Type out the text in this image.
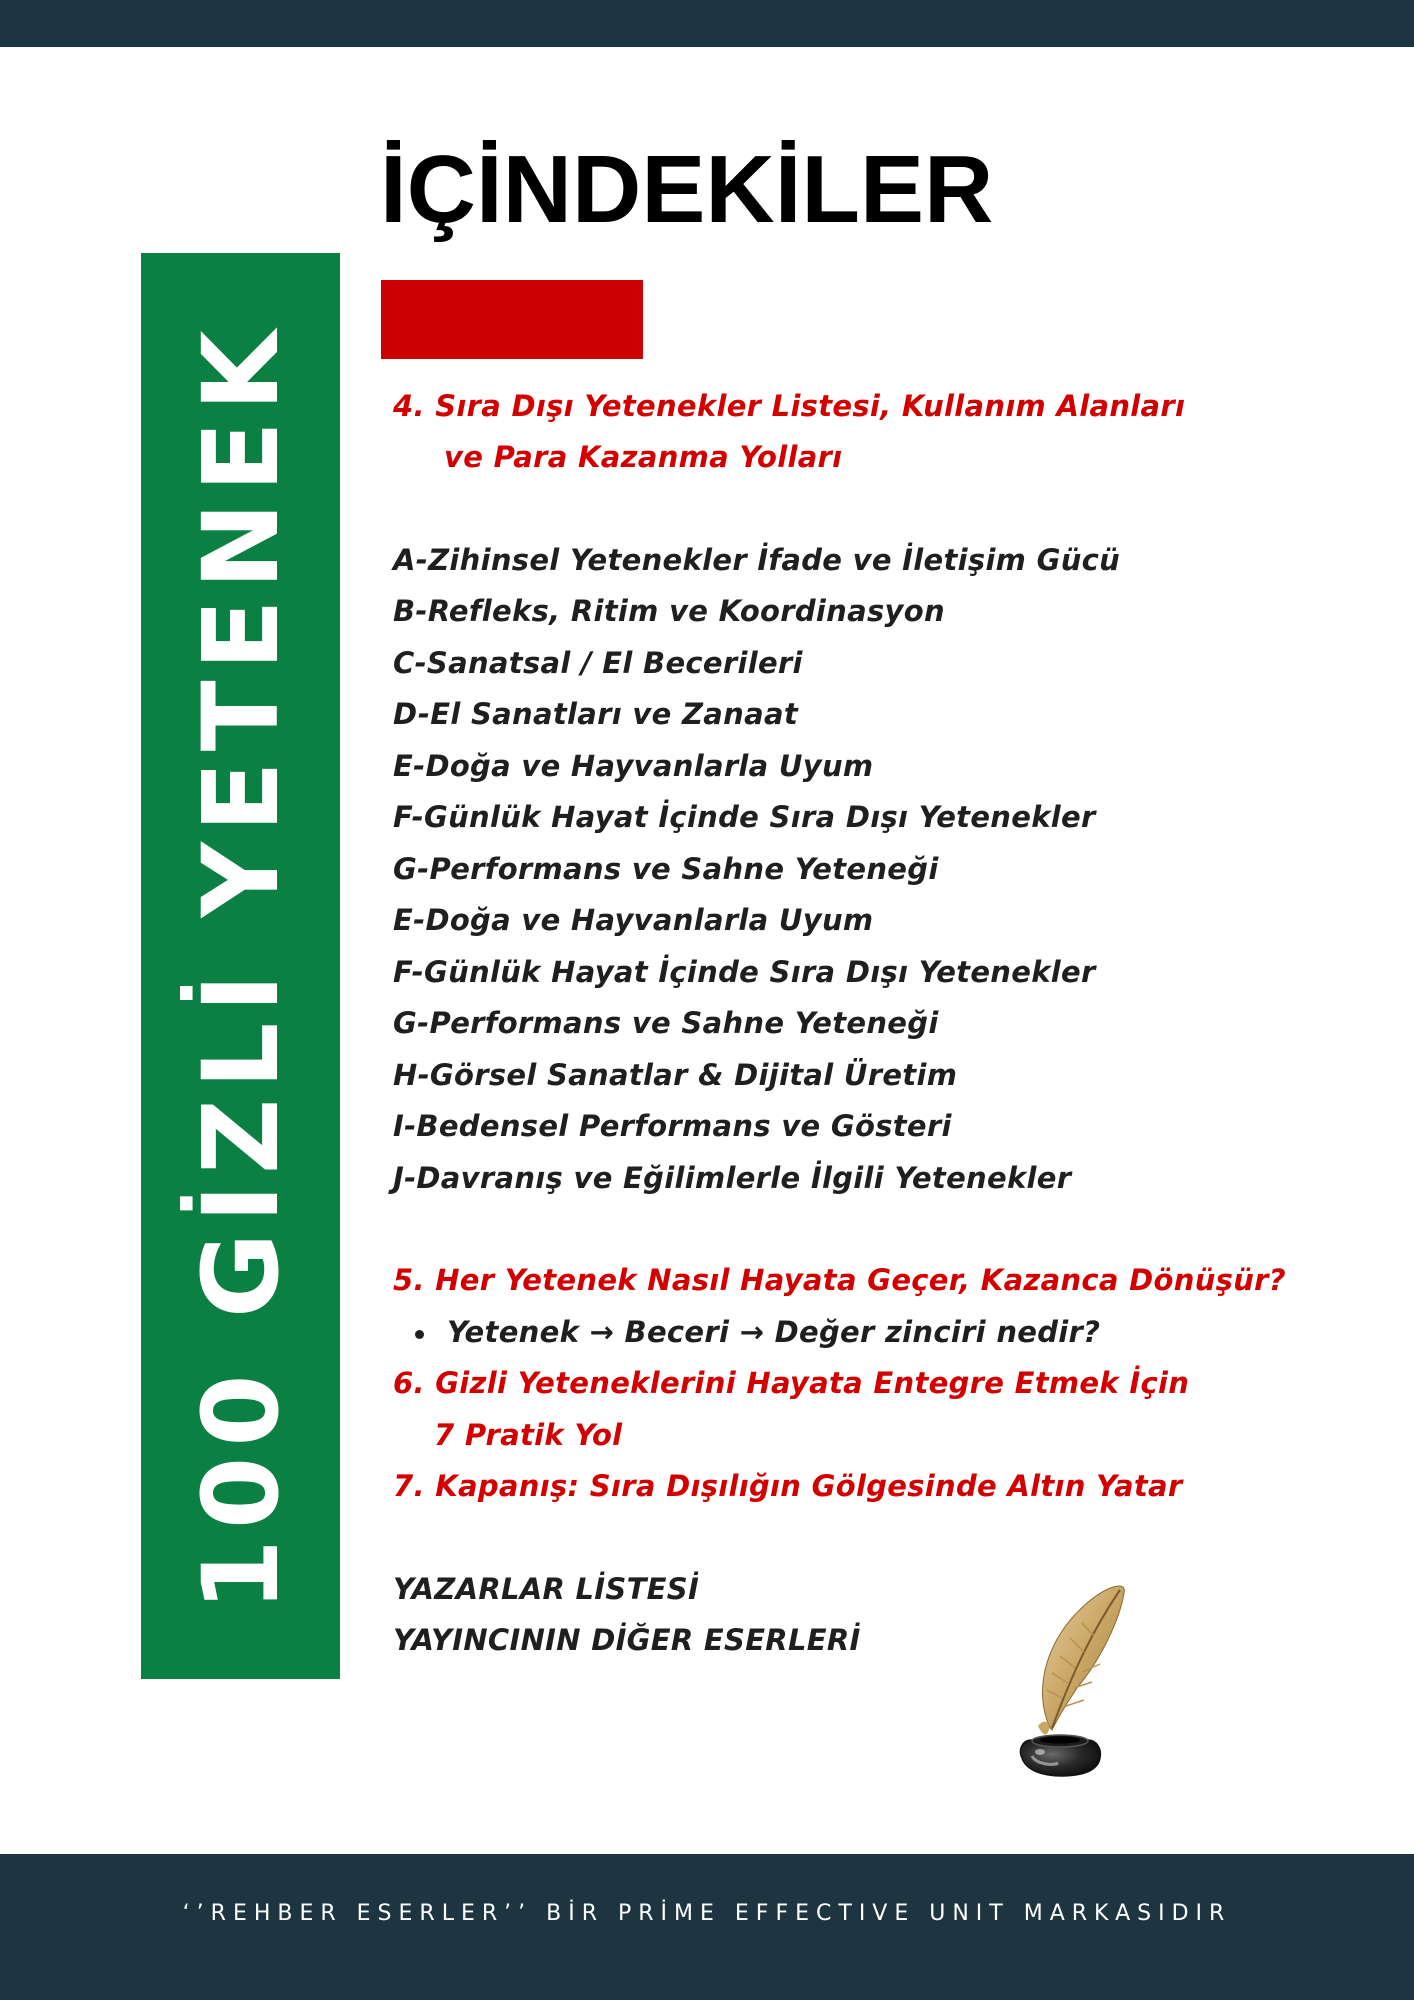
İÇİNDEKİLER
100 GİZLİ YETENEK	4. Sıra Dışı Yetenekler Listesi, Kullanım Alanları
ve Para Kazanma Yolları
A-Zihinsel Yetenekler İfade ve İletişim Gücü
B-Refleks, Ritim ve Koordinasyon
C-Sanatsal / El Becerileri
D-El Sanatları ve Zanaat
E-Doğa ve Hayvanlarla Uyum
F-Günlük Hayat İçinde Sıra Dışı Yetenekler
G-Performans ve Sahne Yeteneği
E-Doğa ve Hayvanlarla Uyum
F-Günlük Hayat İçinde Sıra Dışı Yetenekler
G-Performans ve Sahne Yeteneği
H-Görsel Sanatlar & Dijital Üretim
I-Bedensel Performans ve Gösteri
J-Davranış ve Eğilimlerle İlgili Yetenekler
5. Her Yetenek Nasıl Hayata Geçer, Kazanca Dönüşür?
Yetenek → Beceri → Değer zinciri nedir?
6. Gizli Yeteneklerini Hayata Entegre Etmek İçin
7 Pratik Yol
7. Kapanış: Sıra Dışılığın Gölgesinde Altın Yatar
YAZARLAR LİSTESİ
YAYINCININ DİĞER ESERLERİ
‘’REHBER ESERLER’’ BİR PRİME EFFECTIVE UNIT MARKASIDIR
